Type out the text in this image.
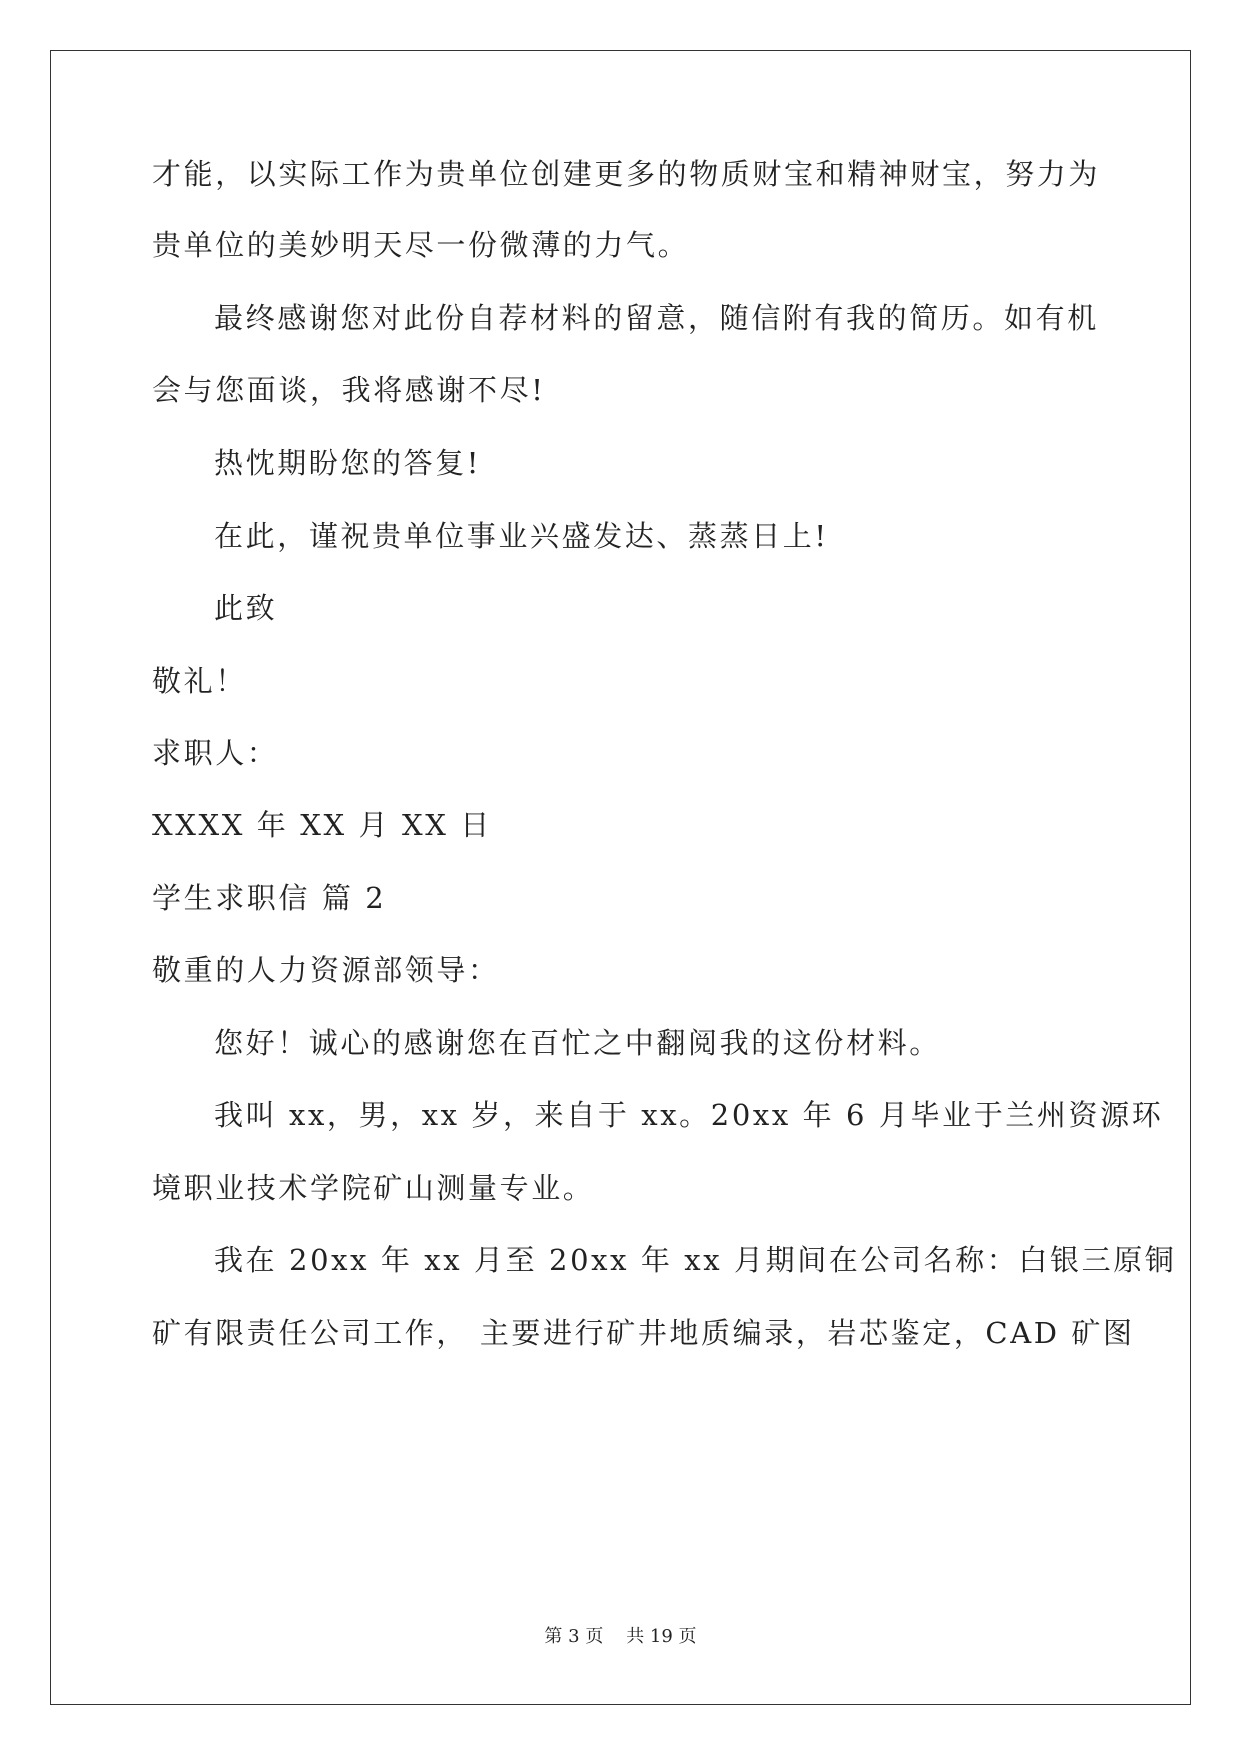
才能，以实际工作为贵单位创建更多的物质财宝和精神财宝，努力为
贵单位的美妙明天尽一份微薄的力气。
最终感谢您对此份自荐材料的留意，随信附有我的简历。如有机
会与您面谈，我将感谢不尽!
热忱期盼您的答复!
在此，谨祝贵单位事业兴盛发达、蒸蒸日上!
此致
敬礼！
求职人：
XXXX 年 XX 月 XX 日
学生求职信 篇 2
敬重的人力资源部领导：
您好！诚心的感谢您在百忙之中翻阅我的这份材料。
我叫 xx，男，xx 岁，来自于 xx。20xx 年 6 月毕业于兰州资源环
境职业技术学院矿山测量专业。
我在 20xx 年 xx 月至 20xx 年 xx 月期间在公司名称：白银三原铜
矿有限责任公司工作， 主要进行矿井地质编录，岩芯鉴定，CAD 矿图
第 3 页    共 19 页
